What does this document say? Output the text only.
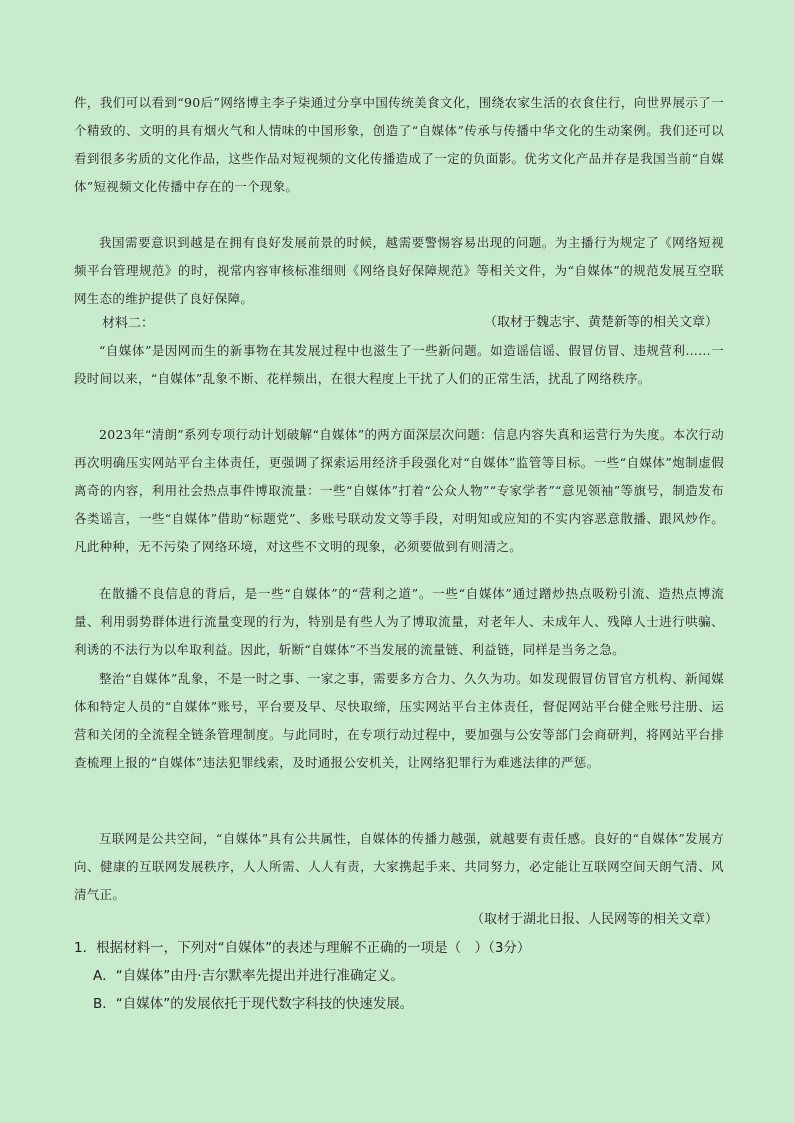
件，我们可以看到“90后”网络博主李子柒通过分享中国传统美食文化，围绕农家生活的衣食住行，向世界展示了一个精致的、文明的具有烟火气和人情味的中国形象，创造了“自媒体”传承与传播中华文化的生动案例。我们还可以看到很多劣质的文化作品，这些作品对短视频的文化传播造成了一定的负面影。优劣文化产品并存是我国当前“自媒体”短视频文化传播中存在的一个现象。

我国需要意识到越是在拥有良好发展前景的时候，越需要警惕容易出现的问题。为主播行为规定了《网络短视频平台管理规范》的时，视常内容审核标准细则《网络良好保障规范》等相关文件，为“自媒体”的规范发展互空联网生态的维护提供了良好保障。

（取材于魏志宇、黄楚新等的相关文章）

材料二：

“自媒体”是因网而生的新事物在其发展过程中也滋生了一些新问题。如造谣信谣、假冒仿冒、违规营利……一段时间以来，“自媒体”乱象不断、花样频出，在很大程度上干扰了人们的正常生活，扰乱了网络秩序。

2023年“清朗”系列专项行动计划破解“自媒体”的两方面深层次问题：信息内容失真和运营行为失度。本次行动再次明确压实网站平台主体责任，更强调了探索运用经济手段强化对“自媒体”监管等目标。一些“自媒体”炮制虚假离奇的内容，利用社会热点事件博取流量：一些“自媒体”打着“公众人物”“专家学者”“意见领袖”等旗号，制造发布各类谣言，一些“自媒体”借助“标题党”、多账号联动发文等手段，对明知或应知的不实内容恶意散播、跟风炒作。凡此种种，无不污染了网络环境，对这些不文明的现象，必须要做到有则清之。

在散播不良信息的背后，是一些“自媒体”的“营利之道”。一些“自媒体”通过蹭炒热点吸粉引流、造热点博流量、利用弱势群体进行流量变现的行为，特别是有些人为了博取流量，对老年人、未成年人、残障人士进行哄骗、利诱的不法行为以牟取利益。因此，斩断“自媒体”不当发展的流量链、利益链，同样是当务之急。

整治“自媒体”乱象，不是一时之事、一家之事，需要多方合力、久久为功。如发现假冒仿冒官方机构、新闻媒体和特定人员的“自媒体”账号，平台要及早、尽快取缔，压实网站平台主体责任，督促网站平台健全账号注册、运营和关闭的全流程全链条管理制度。与此同时，在专项行动过程中，要加强与公安等部门会商研判，将网站平台排查梳理上报的“自媒体”违法犯罪线索，及时通报公安机关，让网络犯罪行为难逃法律的严惩。

互联网是公共空间，“自媒体”具有公共属性，自媒体的传播力越强，就越要有责任感。良好的“自媒体”发展方向、健康的互联网发展秩序，人人所需、人人有责，大家携起手来、共同努力，必定能让互联网空间天朗气清、风清气正。

（取材于湖北日报、人民网等的相关文章）

1．根据材料一，下列对“自媒体”的表述与理解不正确的一项是（　）（3分）

A．“自媒体”由丹·吉尔默率先提出并进行准确定义。

B．“自媒体”的发展依托于现代数字科技的快速发展。
